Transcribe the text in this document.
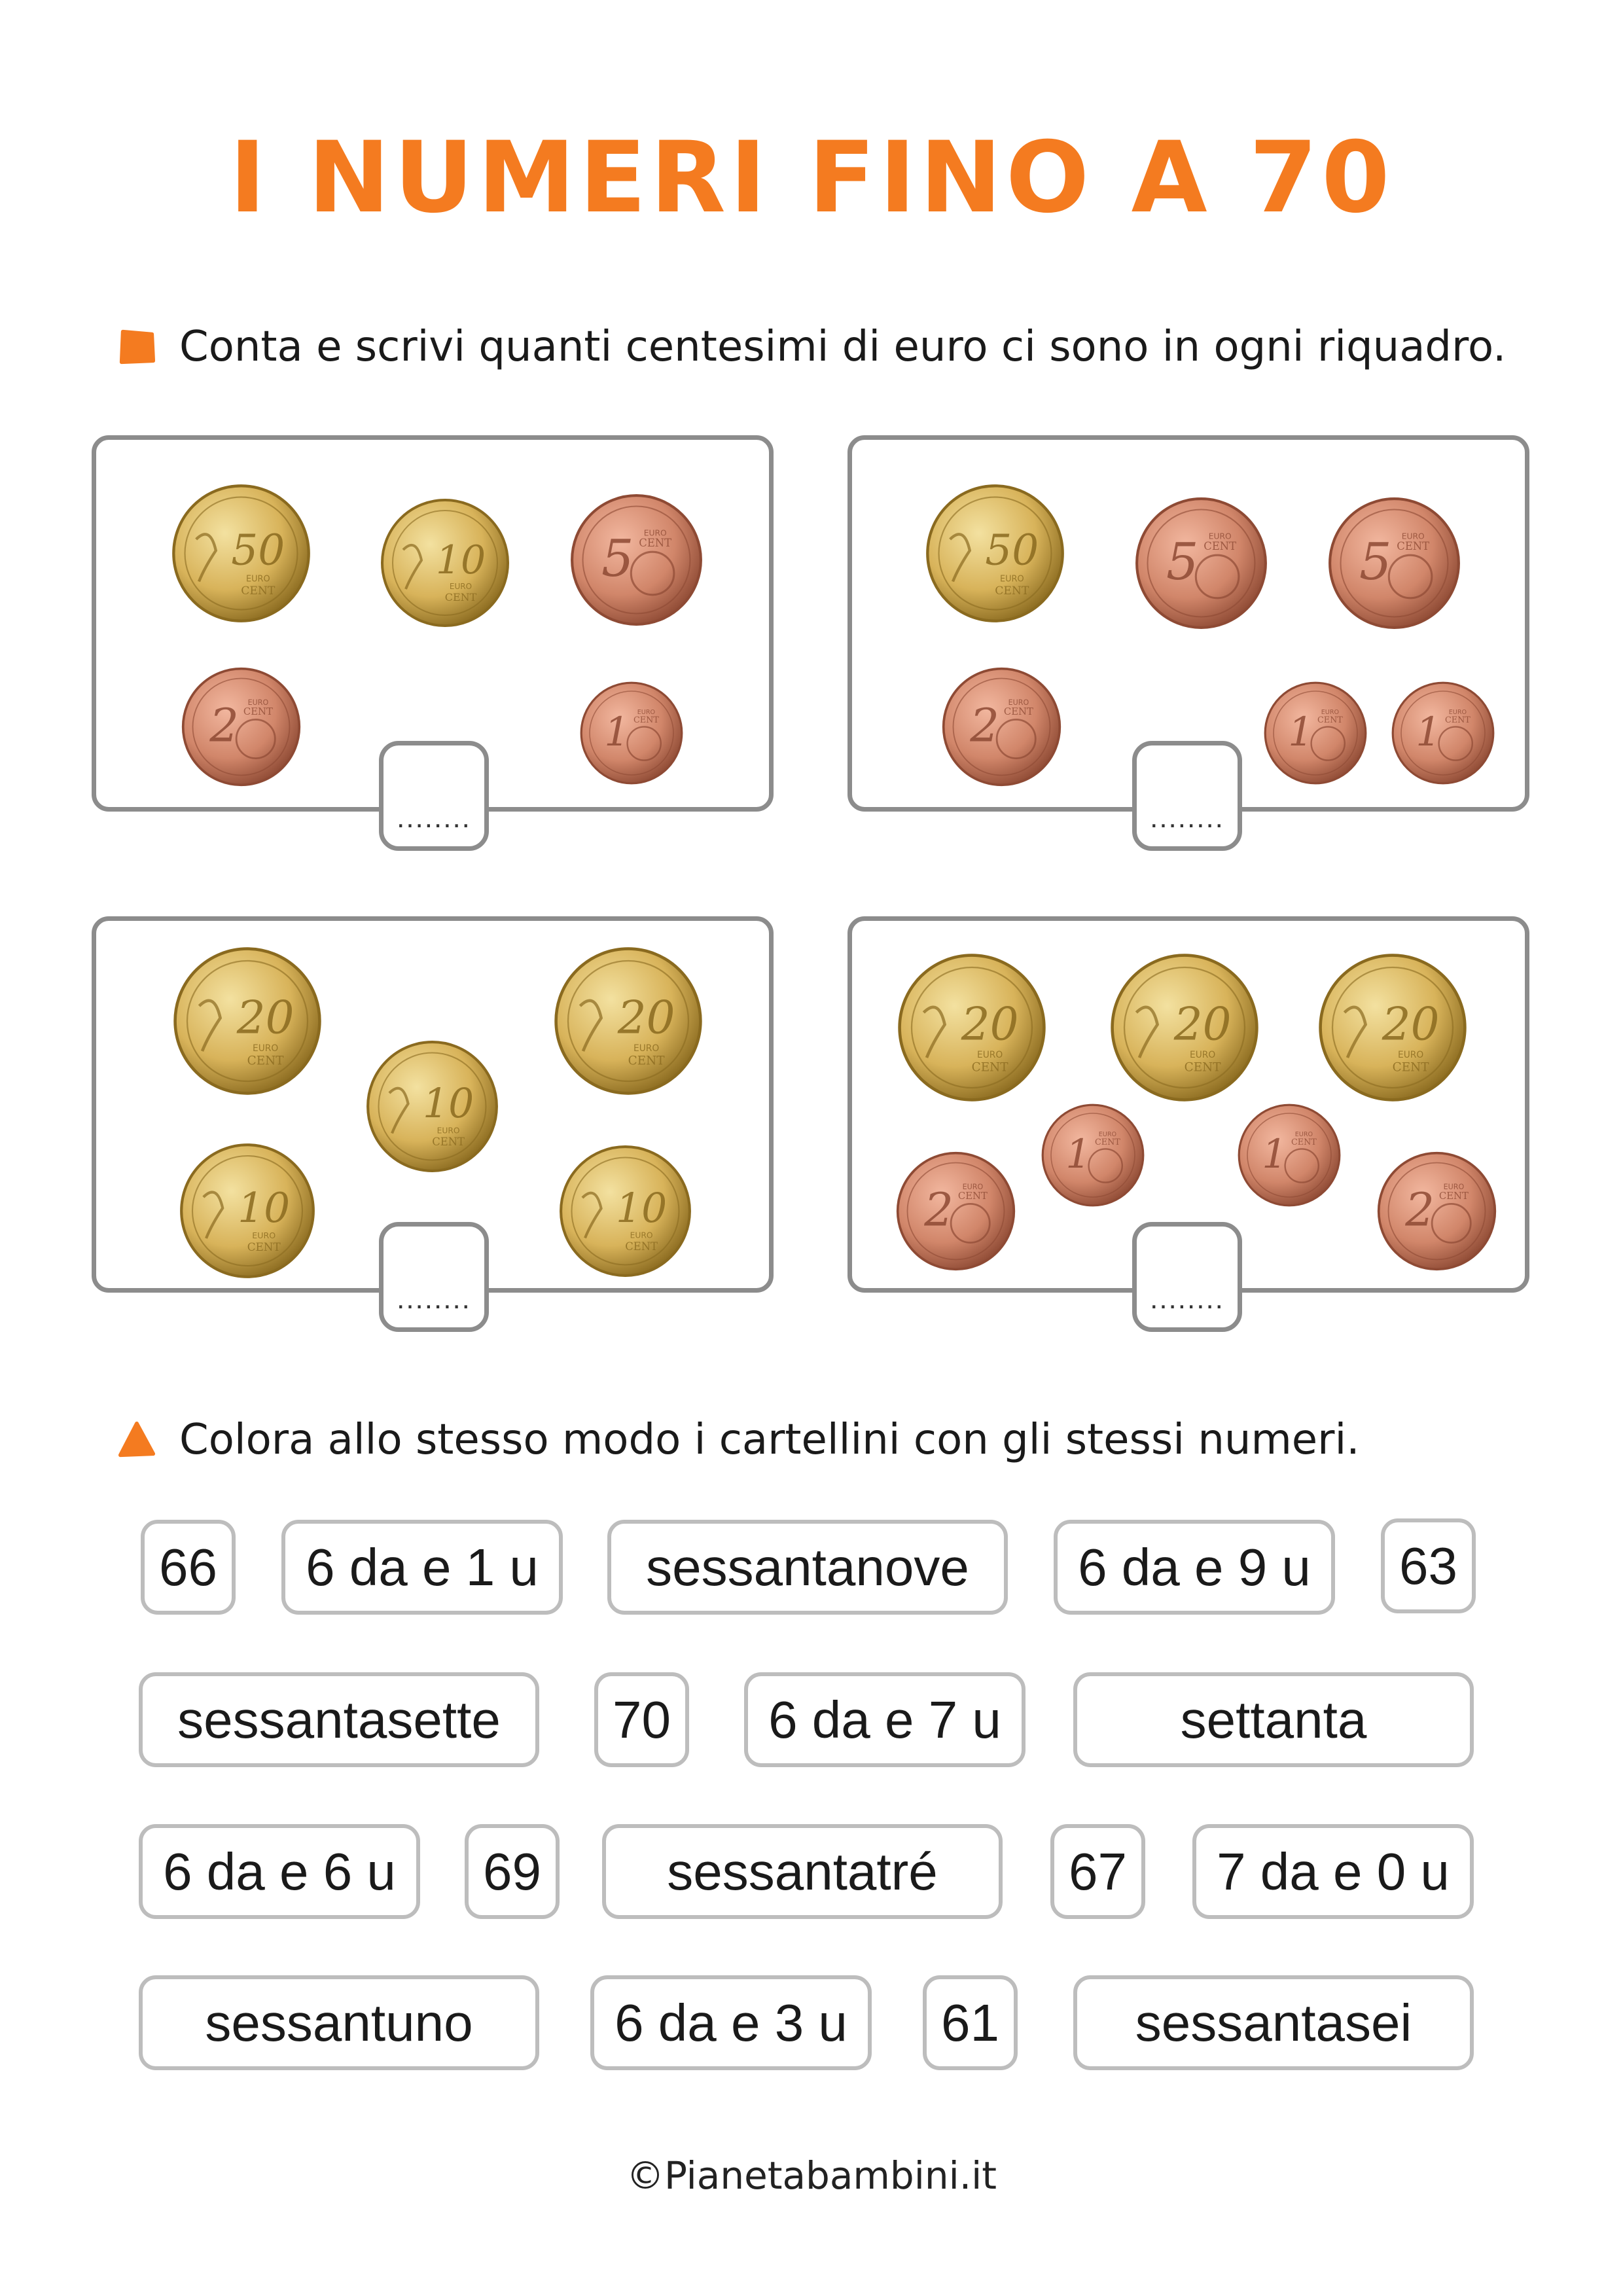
I NUMERI FINO A 70
Conta e scrivi quanti centesimi di euro ci sono in ogni riquadro.
50
EURO
CENT
10
EURO
CENT
5	EURO
CENT
2 EURO
CENT	1 EURO
CENT
50
EURO
CENT	5	EURO
CENT	5	EURO
CENT
2 EURO
CENT	1 EURO
CENT	1 EURO
CENT
20
EURO
CENT
10
EURO
CENT
20
EURO
CENT
10
EURO
CENT
10
EURO
CENT
20
EURO
CENT
20
EURO
CENT
20
EURO
CENT
2 EURO
CENT
1 EURO
CENT	1 EURO
CENT
2 EURO
CENT
........	........
........	........
Colora allo stesso modo i cartellini con gli stessi numeri.
66	6 da e 1 u	sessantanove	6 da e 9 u	63
sessantasette	70	6 da e 7 u	settanta
6 da e 6 u	69	sessantatré	67	7 da e 0 u
sessantuno	6 da e 3 u	61	sessantasei
©Pianetabambini.it
